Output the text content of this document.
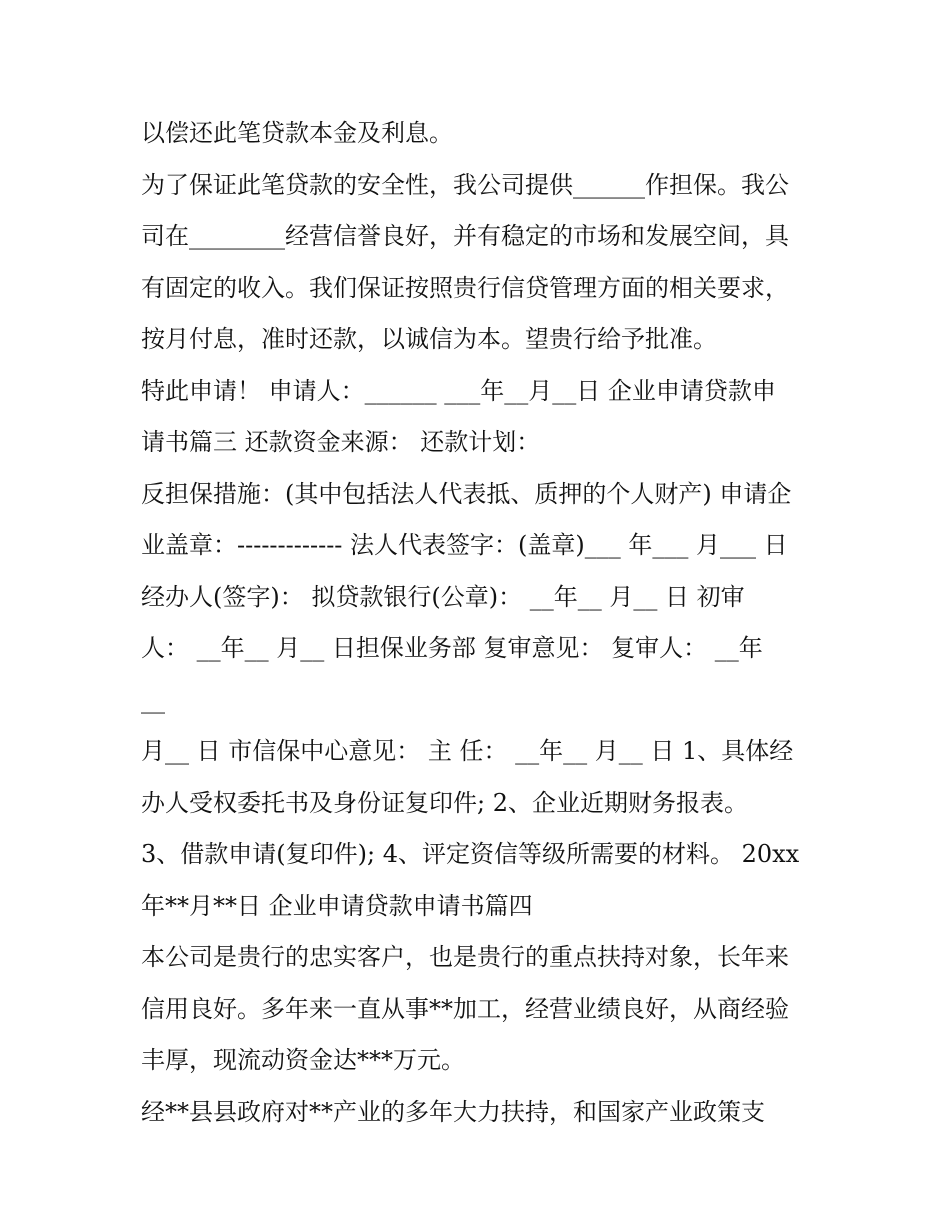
以偿还此笔贷款本金及利息。
为了保证此笔贷款的安全性，我公司提供______作担保。我公
司在________经营信誉良好，并有稳定的市场和发展空间，具
有固定的收入。我们保证按照贵行信贷管理方面的相关要求，
按月付息，准时还款，以诚信为本。望贵行给予批准。
特此申请！ 申请人：______ ___年__月__日 企业申请贷款申
请书篇三 还款资金来源： 还款计划：
反担保措施：(其中包括法人代表抵、质押的个人财产) 申请企
业盖章：------------- 法人代表签字：(盖章)___ 年___ 月___ 日
经办人(签字)： 拟贷款银行(公章)： __年__ 月__ 日 初审
人： __年__ 月__ 日担保业务部 复审意见： 复审人： __年
__
月__ 日 市信保中心意见： 主 任： __年__ 月__ 日 1、具体经
办人受权委托书及身份证复印件; 2、企业近期财务报表。
3、借款申请(复印件); 4、评定资信等级所需要的材料。 20xx
年**月**日 企业申请贷款申请书篇四
本公司是贵行的忠实客户，也是贵行的重点扶持对象，长年来
信用良好。多年来一直从事**加工，经营业绩良好，从商经验
丰厚，现流动资金达***万元。
经**县县政府对**产业的多年大力扶持，和国家产业政策支
